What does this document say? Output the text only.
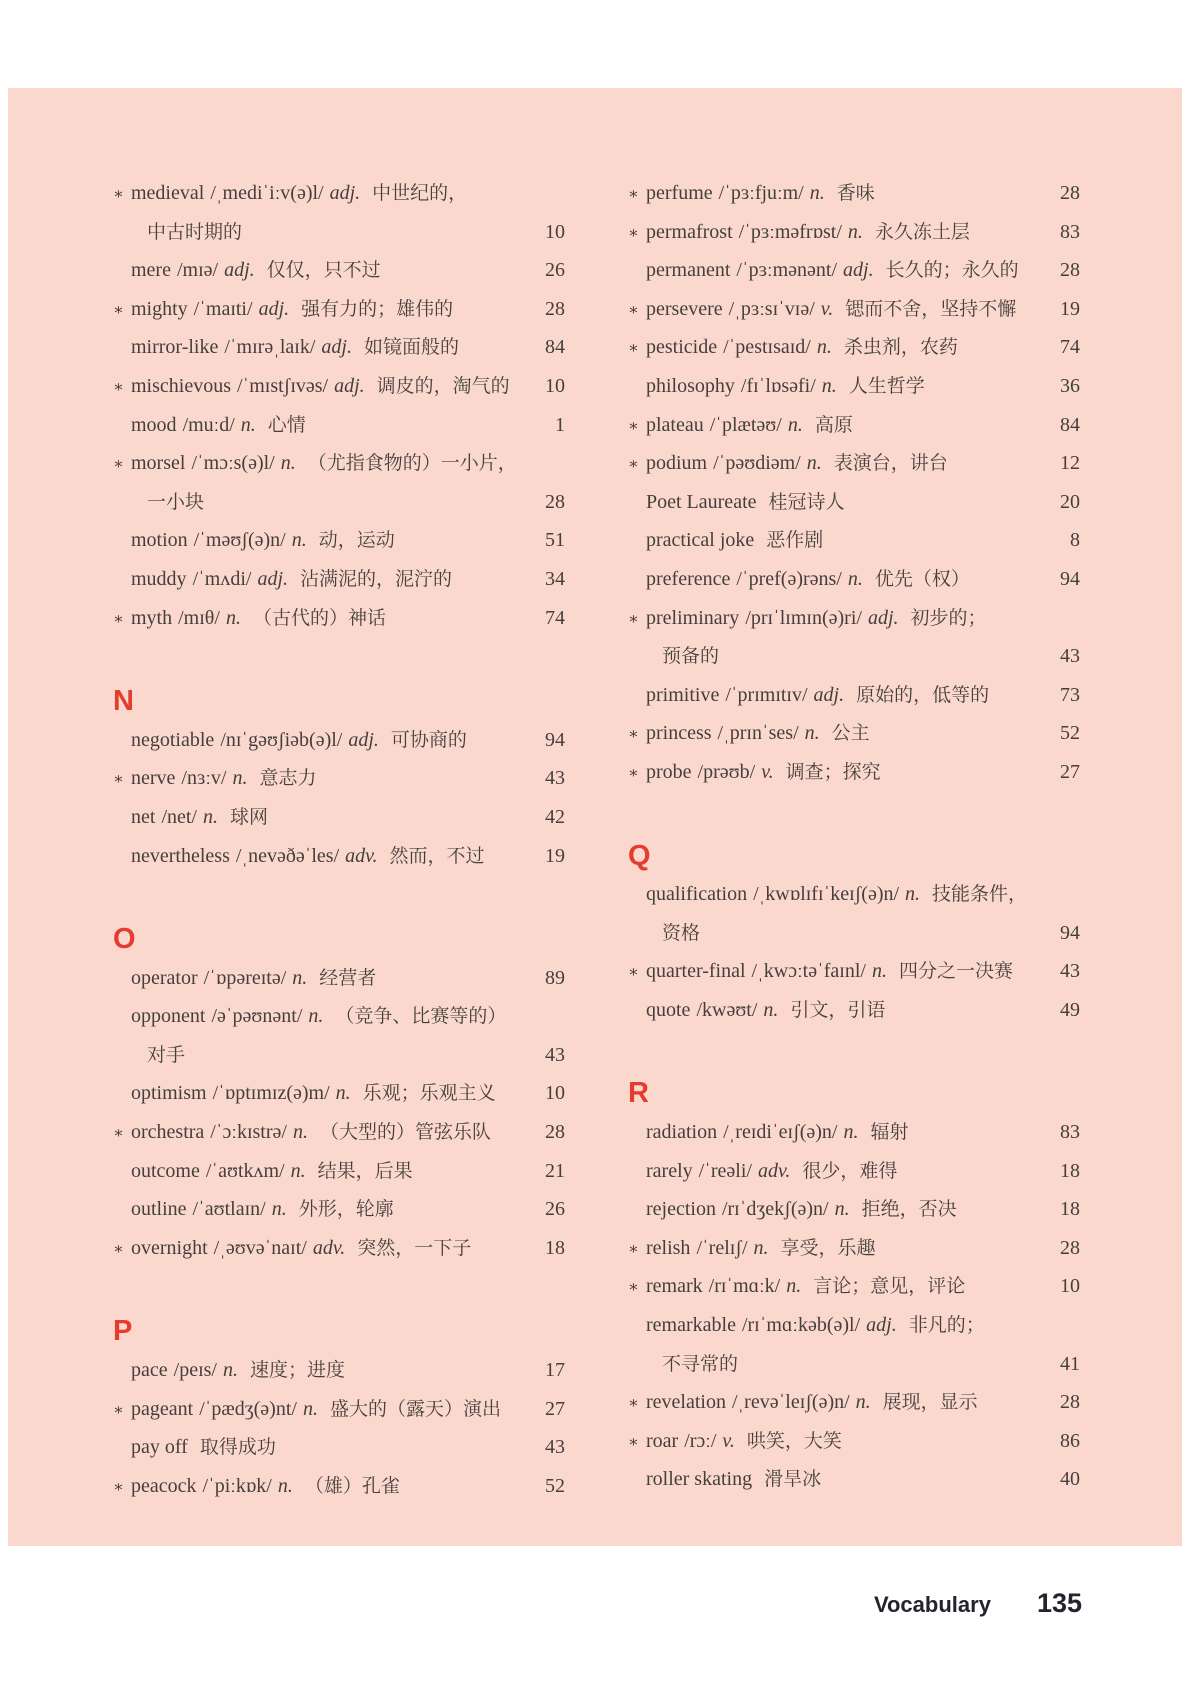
∗ medieval /ˌmediˈiːv(ə)l/ adj. 中世纪的，
中古时期的	10
mere /mɪə/ adj. 仅仅，只不过	26
∗ mighty /ˈmaɪti/ adj. 强有力的；雄伟的	28
mirror-like /ˈmɪrəˌlaɪk/ adj. 如镜面般的	84
∗ mischievous /ˈmɪstʃɪvəs/ adj. 调皮的，淘气的	10
mood /muːd/ n. 心情	1
∗ morsel /ˈmɔːs(ə)l/ n. （尤指食物的）一小片，
一小块	28
motion /ˈməʊʃ(ə)n/ n. 动，运动	51
muddy /ˈmʌdi/ adj. 沾满泥的，泥泞的	34
∗ myth /mɪθ/ n. （古代的）神话	74
N
negotiable /nɪˈgəʊʃiəb(ə)l/ adj. 可协商的	94
∗ nerve /nɜːv/ n. 意志力	43
net /net/ n. 球网	42
nevertheless /ˌnevəðəˈles/ adv. 然而，不过	19
O
operator /ˈɒpəreɪtə/ n. 经营者	89
opponent /əˈpəʊnənt/ n. （竞争、比赛等的）
对手	43
optimism /ˈɒptɪmɪz(ə)m/ n. 乐观；乐观主义	10
∗ orchestra /ˈɔːkɪstrə/ n. （大型的）管弦乐队	28
outcome /ˈaʊtkʌm/ n. 结果，后果	21
outline /ˈaʊtlaɪn/ n. 外形，轮廓	26
∗ overnight /ˌəʊvəˈnaɪt/ adv. 突然，一下子	18
P
pace /peɪs/ n. 速度；进度	17
∗ pageant /ˈpædʒ(ə)nt/ n. 盛大的（露天）演出	27
pay off 取得成功	43
∗ peacock /ˈpiːkɒk/ n. （雄）孔雀	52
∗ perfume /ˈpɜːfjuːm/ n. 香味	28
∗ permafrost /ˈpɜːməfrɒst/ n. 永久冻土层	83
permanent /ˈpɜːmənənt/ adj. 长久的；永久的	28
∗ persevere /ˌpɜːsɪˈvɪə/ v. 锶而不舍，坚持不懈	19
∗ pesticide /ˈpestɪsaɪd/ n. 杀虫剂，农药	74
philosophy /fɪˈlɒsəfi/ n. 人生哲学	36
∗ plateau /ˈplætəʊ/ n. 高原	84
∗ podium /ˈpəʊdiəm/ n. 表演台，讲台	12
Poet Laureate 桂冠诗人	20
practical joke 恶作剧	8
preference /ˈpref(ə)rəns/ n. 优先（权）	94
∗ preliminary /prɪˈlɪmɪn(ə)ri/ adj. 初步的；
预备的	43
primitive /ˈprɪmɪtɪv/ adj. 原始的，低等的	73
∗ princess /ˌprɪnˈses/ n. 公主	52
∗ probe /prəʊb/ v. 调查；探究	27
Q
qualification /ˌkwɒlɪfɪˈkeɪʃ(ə)n/ n. 技能条件，
资格	94
∗ quarter-final /ˌkwɔːtəˈfaɪnl/ n. 四分之一决赛	43
quote /kwəʊt/ n. 引文，引语	49
R
radiation /ˌreɪdiˈeɪʃ(ə)n/ n. 辐射	83
rarely /ˈreəli/ adv. 很少，难得	18
rejection /rɪˈdʒekʃ(ə)n/ n. 拒绝，否决	18
∗ relish /ˈrelɪʃ/ n. 享受，乐趣	28
∗ remark /rɪˈmɑːk/ n. 言论；意见，评论	10
remarkable /rɪˈmɑːkəb(ə)l/ adj. 非凡的；
不寻常的	41
∗ revelation /ˌrevəˈleɪʃ(ə)n/ n. 展现，显示	28
∗ roar /rɔː/ v. 哄笑，大笑	86
roller skating 滑旱冰	40
Vocabulary 135
